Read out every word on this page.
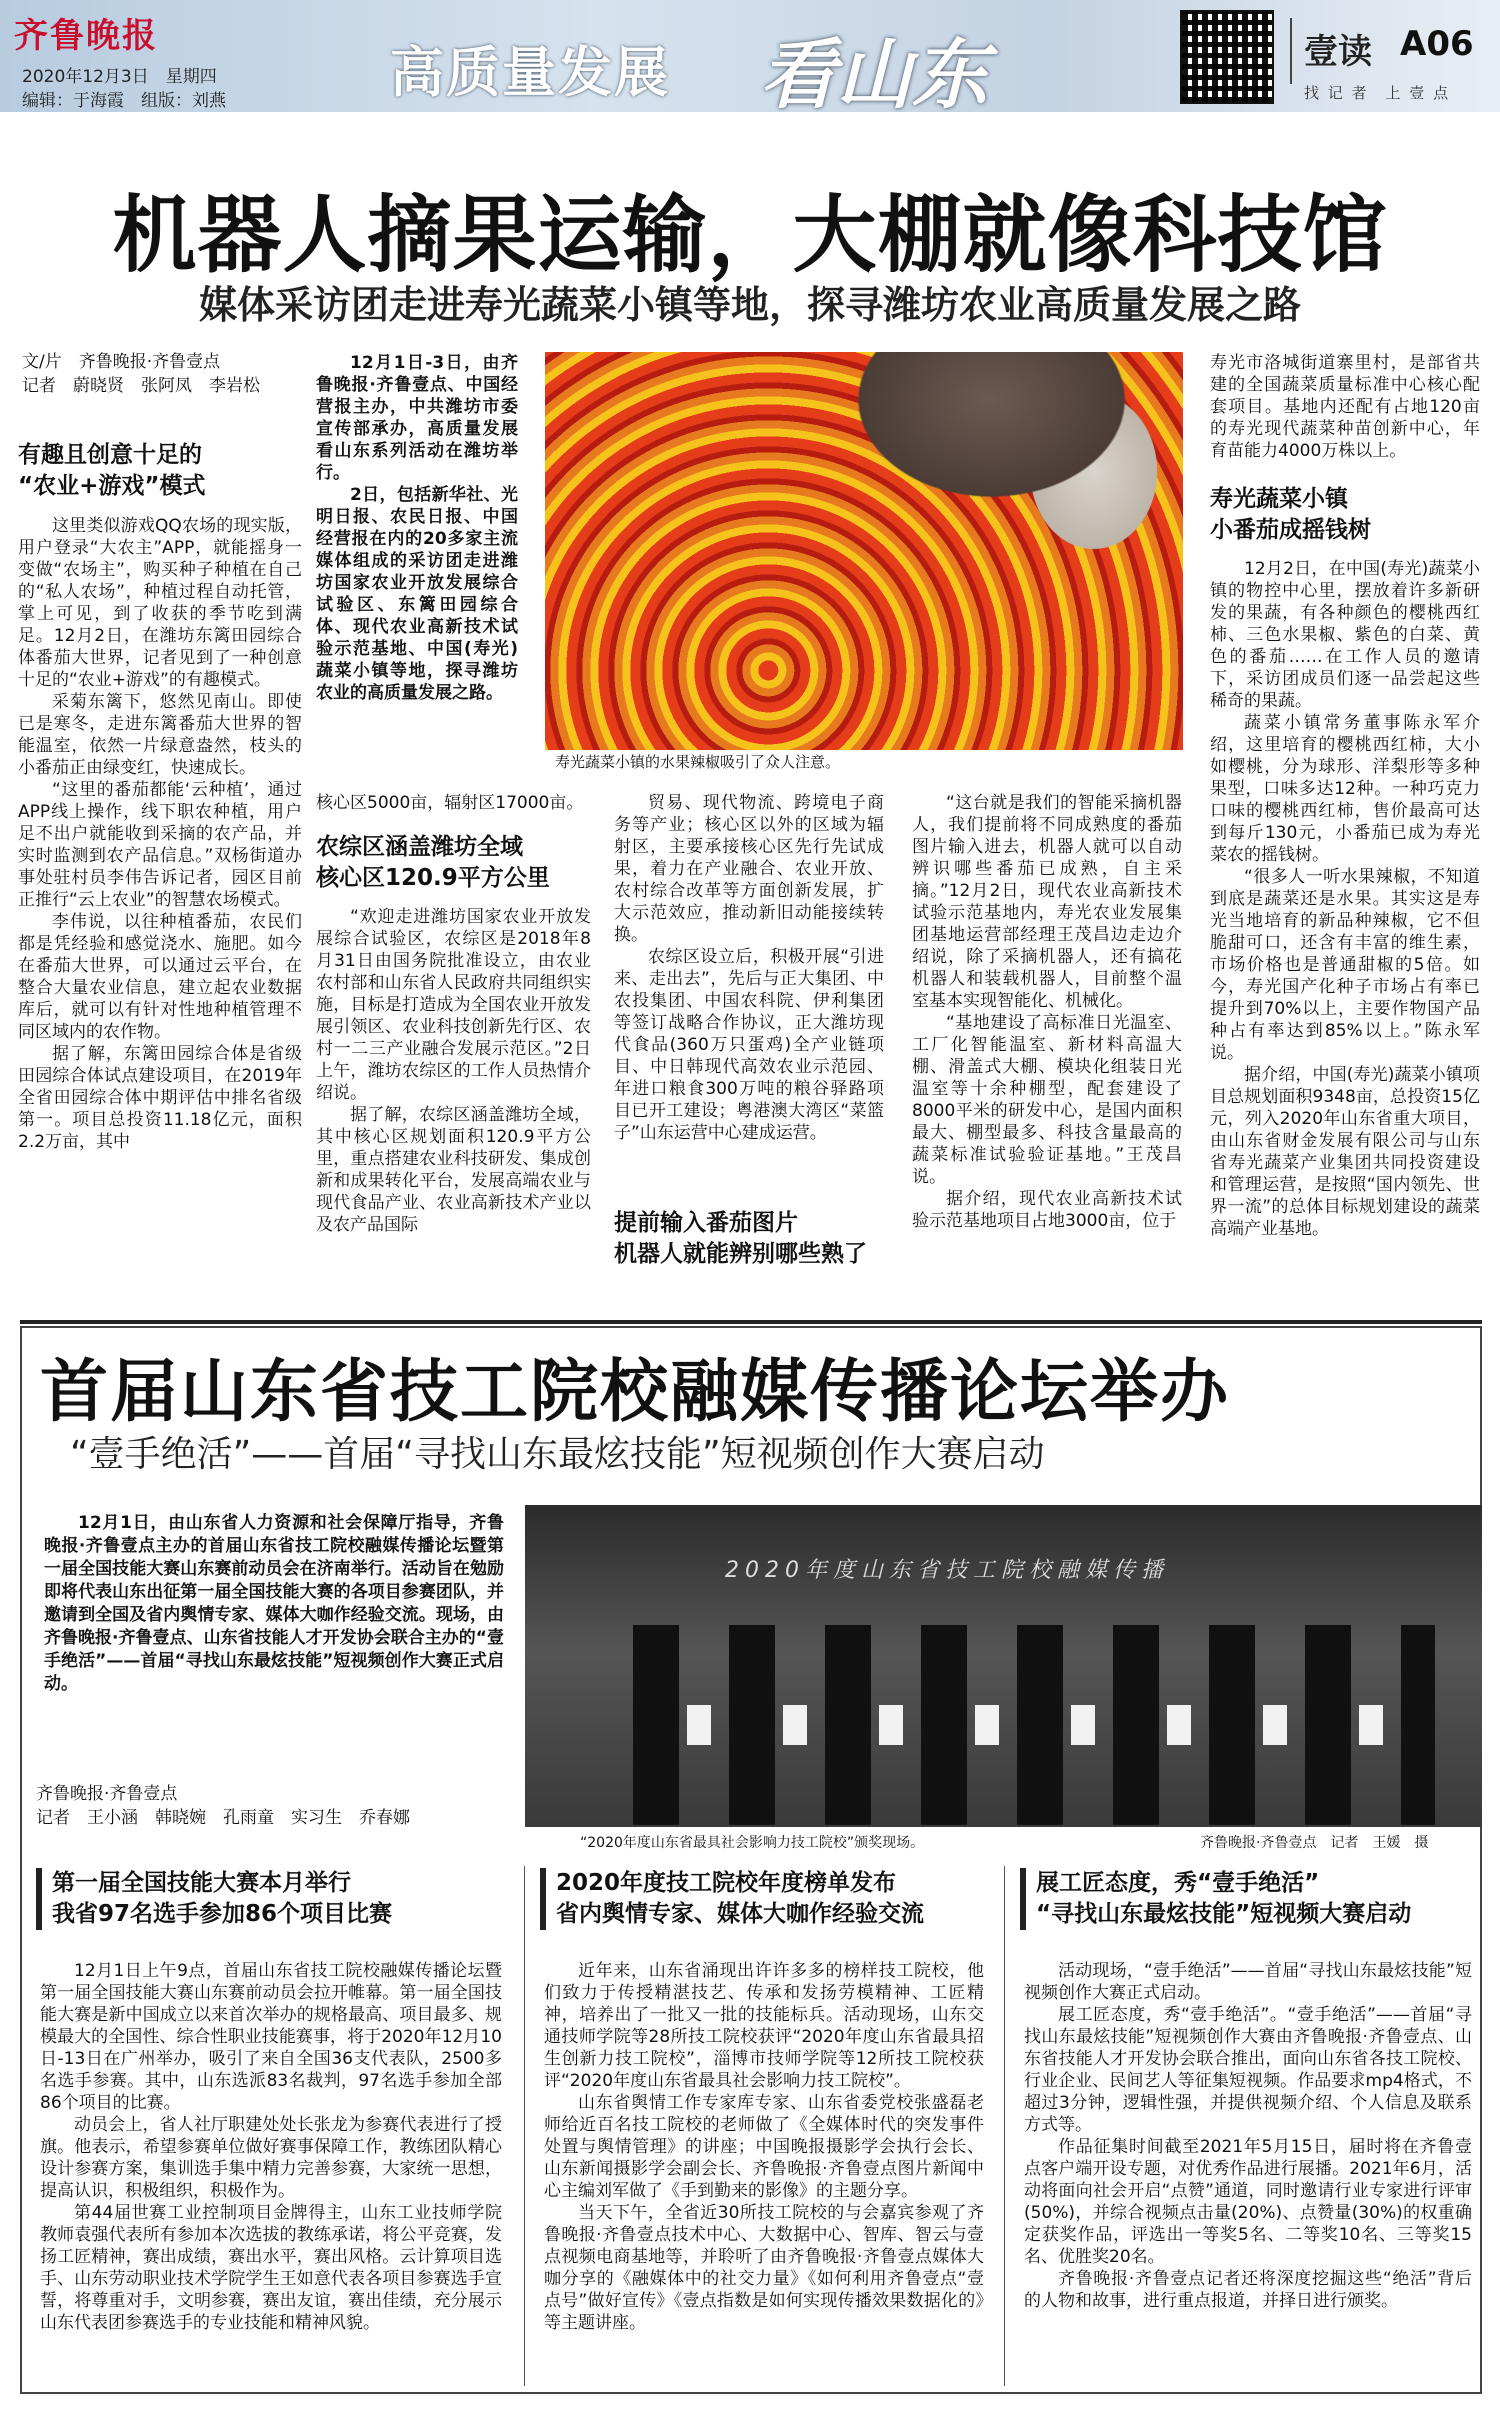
齐鲁晚报
2020年12月3日　星期四
编辑：于海霞　组版：刘燕	高质量发展 看山东	壹读 A06
找 记 者　上 壹 点
机器人摘果运输，大棚就像科技馆
媒体采访团走进寿光蔬菜小镇等地，探寻潍坊农业高质量发展之路
文/片　齐鲁晚报·齐鲁壹点
记者　蔚晓贤　张阿凤　李岩松
有趣且创意十足的
“农业+游戏”模式

这里类似游戏QQ农场的现实版，用户登录“大农主”APP，就能摇身一变做“农场主”，购买种子种植在自己的“私人农场”，种植过程自动托管，掌上可见，到了收获的季节吃到满足。12月2日，在潍坊东篱田园综合体番茄大世界，记者见到了一种创意十足的“农业+游戏”的有趣模式。

采菊东篱下，悠然见南山。即使已是寒冬，走进东篱番茄大世界的智能温室，依然一片绿意盎然，枝头的小番茄正由绿变红，快速成长。

“这里的番茄都能‘云种植’，通过APP线上操作，线下职农种植，用户足不出户就能收到采摘的农产品，并实时监测到农产品信息。”双杨街道办事处驻村员李伟告诉记者，园区目前正推行“云上农业”的智慧农场模式。

李伟说，以往种植番茄，农民们都是凭经验和感觉浇水、施肥。如今在番茄大世界，可以通过云平台，在整合大量农业信息，建立起农业数据库后，就可以有针对性地种植管理不同区域内的农作物。

据了解，东篱田园综合体是省级田园综合体试点建设项目，在2019年全省田园综合体中期评估中排名省级第一。项目总投资11.18亿元，面积2.2万亩，其中

12月1日-3日，由齐鲁晚报·齐鲁壹点、中国经营报主办，中共潍坊市委宣传部承办，高质量发展看山东系列活动在潍坊举行。

2日，包括新华社、光明日报、农民日报、中国经营报在内的20多家主流媒体组成的采访团走进潍坊国家农业开放发展综合试验区、东篱田园综合体、现代农业高新技术试验示范基地、中国(寿光)蔬菜小镇等地，探寻潍坊农业的高质量发展之路。

寿光蔬菜小镇的水果辣椒吸引了众人注意。
核心区5000亩，辐射区17000亩。
农综区涵盖潍坊全域
核心区120.9平方公里

“欢迎走进潍坊国家农业开放发展综合试验区，农综区是2018年8月31日由国务院批准设立，由农业农村部和山东省人民政府共同组织实施，目标是打造成为全国农业开放发展引领区、农业科技创新先行区、农村一二三产业融合发展示范区。”2日上午，潍坊农综区的工作人员热情介绍说。

据了解，农综区涵盖潍坊全域，其中核心区规划面积120.9平方公里，重点搭建农业科技研发、集成创新和成果转化平台，发展高端农业与现代食品产业、农业高新技术产业以及农产品国际

贸易、现代物流、跨境电子商务等产业；核心区以外的区域为辐射区，主要承接核心区先行先试成果，着力在产业融合、农业开放、农村综合改革等方面创新发展，扩大示范效应，推动新旧动能接续转换。

农综区设立后，积极开展“引进来、走出去”，先后与正大集团、中农投集团、中国农科院、伊利集团等签订战略合作协议，正大潍坊现代食品(360万只蛋鸡)全产业链项目、中日韩现代高效农业示范园、年进口粮食300万吨的粮谷驿路项目已开工建设；粤港澳大湾区“菜篮子”山东运营中心建成运营。

提前输入番茄图片
机器人就能辨别哪些熟了

“这台就是我们的智能采摘机器人，我们提前将不同成熟度的番茄图片输入进去，机器人就可以自动辨识哪些番茄已成熟，自主采摘。”12月2日，现代农业高新技术试验示范基地内，寿光农业发展集团基地运营部经理王茂昌边走边介绍说，除了采摘机器人，还有搞花机器人和装载机器人，目前整个温室基本实现智能化、机械化。

“基地建设了高标准日光温室、工厂化智能温室、新材料高温大棚、滑盖式大棚、模块化组装日光温室等十余种棚型，配套建设了8000平米的研发中心，是国内面积最大、棚型最多、科技含量最高的蔬菜标准试验验证基地。”王茂昌说。

据介绍，现代农业高新技术试验示范基地项目占地3000亩，位于

寿光市洛城街道寨里村，是部省共建的全国蔬菜质量标准中心核心配套项目。基地内还配有占地120亩的寿光现代蔬菜种苗创新中心，年育苗能力4000万株以上。
寿光蔬菜小镇
小番茄成摇钱树

12月2日，在中国(寿光)蔬菜小镇的物控中心里，摆放着许多新研发的果蔬，有各种颜色的樱桃西红柿、三色水果椒、紫色的白菜、黄色的番茄……在工作人员的邀请下，采访团成员们逐一品尝起这些稀奇的果蔬。

蔬菜小镇常务董事陈永军介绍，这里培育的樱桃西红柿，大小如樱桃，分为球形、洋梨形等多种果型，口味多达12种。一种巧克力口味的樱桃西红柿，售价最高可达到每斤130元，小番茄已成为寿光菜农的摇钱树。

“很多人一听水果辣椒，不知道到底是蔬菜还是水果。其实这是寿光当地培育的新品种辣椒，它不但脆甜可口，还含有丰富的维生素，市场价格也是普通甜椒的5倍。如今，寿光国产化种子市场占有率已提升到70%以上，主要作物国产品种占有率达到85%以上。”陈永军说。

据介绍，中国(寿光)蔬菜小镇项目总规划面积9348亩，总投资15亿元，列入2020年山东省重大项目，由山东省财金发展有限公司与山东省寿光蔬菜产业集团共同投资建设和管理运营，是按照“国内领先、世界一流”的总体目标规划建设的蔬菜高端产业基地。

首届山东省技工院校融媒传播论坛举办
“壹手绝活”——首届“寻找山东最炫技能”短视频创作大赛启动

12月1日，由山东省人力资源和社会保障厅指导，齐鲁晚报·齐鲁壹点主办的首届山东省技工院校融媒传播论坛暨第一届全国技能大赛山东赛前动员会在济南举行。活动旨在勉励即将代表山东出征第一届全国技能大赛的各项目参赛团队，并邀请到全国及省内舆情专家、媒体大咖作经验交流。现场，由齐鲁晚报·齐鲁壹点、山东省技能人才开发协会联合主办的“壹手绝活”——首届“寻找山东最炫技能”短视频创作大赛正式启动。

齐鲁晚报·齐鲁壹点
记者　王小涵　韩晓婉　孔雨童　实习生　乔春娜
2020年度山东省技工院校融媒传播
“2020年度山东省最具社会影响力技工院校”颁奖现场。	齐鲁晚报·齐鲁壹点　记者　王媛　摄
第一届全国技能大赛本月举行
我省97名选手参加86个项目比赛

12月1日上午9点，首届山东省技工院校融媒传播论坛暨第一届全国技能大赛山东赛前动员会拉开帷幕。第一届全国技能大赛是新中国成立以来首次举办的规格最高、项目最多、规模最大的全国性、综合性职业技能赛事，将于2020年12月10日-13日在广州举办，吸引了来自全国36支代表队，2500多名选手参赛。其中，山东选派83名裁判，97名选手参加全部86个项目的比赛。

动员会上，省人社厅职建处处长张龙为参赛代表进行了授旗。他表示，希望参赛单位做好赛事保障工作，教练团队精心设计参赛方案，集训选手集中精力完善参赛，大家统一思想，提高认识，积极组织，积极作为。

第44届世赛工业控制项目金牌得主，山东工业技师学院教师袁强代表所有参加本次选拔的教练承诺，将公平竞赛，发扬工匠精神，赛出成绩，赛出水平，赛出风格。云计算项目选手、山东劳动职业技术学院学生王如意代表各项目参赛选手宣誓，将尊重对手，文明参赛，赛出友谊，赛出佳绩，充分展示山东代表团参赛选手的专业技能和精神风貌。

2020年度技工院校年度榜单发布
省内舆情专家、媒体大咖作经验交流

近年来，山东省涌现出许许多多的榜样技工院校，他们致力于传授精湛技艺、传承和发扬劳模精神、工匠精神，培养出了一批又一批的技能标兵。活动现场，山东交通技师学院等28所技工院校获评“2020年度山东省最具招生创新力技工院校”，淄博市技师学院等12所技工院校获评“2020年度山东省最具社会影响力技工院校”。

山东省舆情工作专家库专家、山东省委党校张盛磊老师给近百名技工院校的老师做了《全媒体时代的突发事件处置与舆情管理》的讲座；中国晚报摄影学会执行会长、山东新闻摄影学会副会长、齐鲁晚报·齐鲁壹点图片新闻中心主编刘军做了《手到勤来的影像》的主题分享。

当天下午，全省近30所技工院校的与会嘉宾参观了齐鲁晚报·齐鲁壹点技术中心、大数据中心、智库、智云与壹点视频电商基地等，并聆听了由齐鲁晚报·齐鲁壹点媒体大咖分享的《融媒体中的社交力量》《如何利用齐鲁壹点“壹点号”做好宣传》《壹点指数是如何实现传播效果数据化的》等主题讲座。

展工匠态度，秀“壹手绝活”
“寻找山东最炫技能”短视频大赛启动

活动现场，“壹手绝活”——首届“寻找山东最炫技能”短视频创作大赛正式启动。

展工匠态度，秀“壹手绝活”。“壹手绝活”——首届“寻找山东最炫技能”短视频创作大赛由齐鲁晚报·齐鲁壹点、山东省技能人才开发协会联合推出，面向山东省各技工院校、行业企业、民间艺人等征集短视频。作品要求mp4格式，不超过3分钟，逻辑性强，并提供视频介绍、个人信息及联系方式等。

作品征集时间截至2021年5月15日，届时将在齐鲁壹点客户端开设专题，对优秀作品进行展播。2021年6月，活动将面向社会开启“点赞”通道，同时邀请行业专家进行评审(50%)，并综合视频点击量(20%)、点赞量(30%)的权重确定获奖作品，评选出一等奖5名、二等奖10名、三等奖15名、优胜奖20名。

齐鲁晚报·齐鲁壹点记者还将深度挖掘这些“绝活”背后的人物和故事，进行重点报道，并择日进行颁奖。
